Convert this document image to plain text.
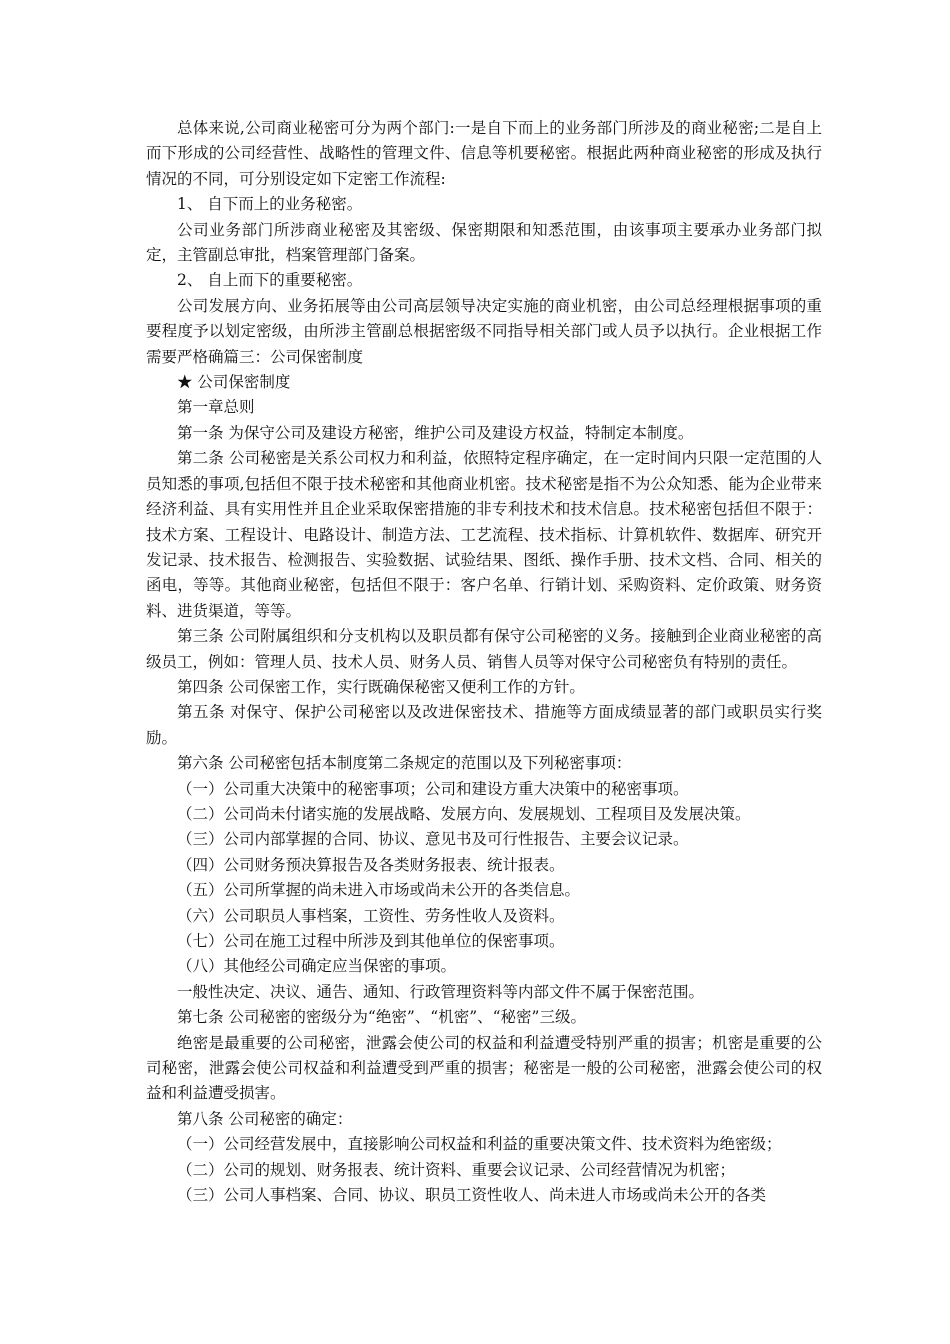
总体来说,公司商业秘密可分为两个部门:一是自下而上的业务部门所涉及的商业秘密;二是自上而下形成的公司经营性、战略性的管理文件、信息等机要秘密。根据此两种商业秘密的形成及执行情况的不同，可分别设定如下定密工作流程:

1、 自下而上的业务秘密。

公司业务部门所涉商业秘密及其密级、保密期限和知悉范围，由该事项主要承办业务部门拟定，主管副总审批，档案管理部门备案。

2、 自上而下的重要秘密。

公司发展方向、业务拓展等由公司高层领导决定实施的商业机密，由公司总经理根据事项的重要程度予以划定密级，由所涉主管副总根据密级不同指导相关部门或人员予以执行。企业根据工作需要严格确篇三：公司保密制度

★ 公司保密制度

第一章总则

第一条 为保守公司及建设方秘密，维护公司及建设方权益，特制定本制度。

第二条 公司秘密是关系公司权力和利益，依照特定程序确定，在一定时间内只限一定范围的人员知悉的事项,包括但不限于技术秘密和其他商业机密。技术秘密是指不为公众知悉、能为企业带来经济利益、具有实用性并且企业采取保密措施的非专利技术和技术信息。技术秘密包括但不限于：技术方案、工程设计、电路设计、制造方法、工艺流程、技术指标、计算机软件、数据库、研究开发记录、技术报告、检测报告、实验数据、试验结果、图纸、操作手册、技术文档、合同、相关的函电，等等。其他商业秘密，包括但不限于：客户名单、行销计划、采购资料、定价政策、财务资料、进货渠道，等等。

第三条 公司附属组织和分支机构以及职员都有保守公司秘密的义务。接触到企业商业秘密的高级员工，例如：管理人员、技术人员、财务人员、销售人员等对保守公司秘密负有特别的责任。

第四条 公司保密工作，实行既确保秘密又便利工作的方针。

第五条 对保守、保护公司秘密以及改进保密技术、措施等方面成绩显著的部门或职员实行奖励。

第六条 公司秘密包括本制度第二条规定的范围以及下列秘密事项：

（一）公司重大决策中的秘密事项；公司和建设方重大决策中的秘密事项。

（二）公司尚未付诸实施的发展战略、发展方向、发展规划、工程项目及发展决策。

（三）公司内部掌握的合同、协议、意见书及可行性报告、主要会议记录。

（四）公司财务预决算报告及各类财务报表、统计报表。

（五）公司所掌握的尚未进入市场或尚未公开的各类信息。

（六）公司职员人事档案，工资性、劳务性收人及资料。

（七）公司在施工过程中所涉及到其他单位的保密事项。

（八）其他经公司确定应当保密的事项。

一般性决定、决议、通告、通知、行政管理资料等内部文件不属于保密范围。

第七条 公司秘密的密级分为“绝密”、“机密”、“秘密”三级。

绝密是最重要的公司秘密，泄露会使公司的权益和利益遭受特别严重的损害；机密是重要的公司秘密，泄露会使公司权益和利益遭受到严重的损害；秘密是一般的公司秘密，泄露会使公司的权益和利益遭受损害。

第八条 公司秘密的确定：

（一）公司经营发展中，直接影响公司权益和利益的重要决策文件、技术资料为绝密级；

（二）公司的规划、财务报表、统计资料、重要会议记录、公司经营情况为机密；

（三）公司人事档案、合同、协议、职员工资性收人、尚未进人市场或尚未公开的各类
